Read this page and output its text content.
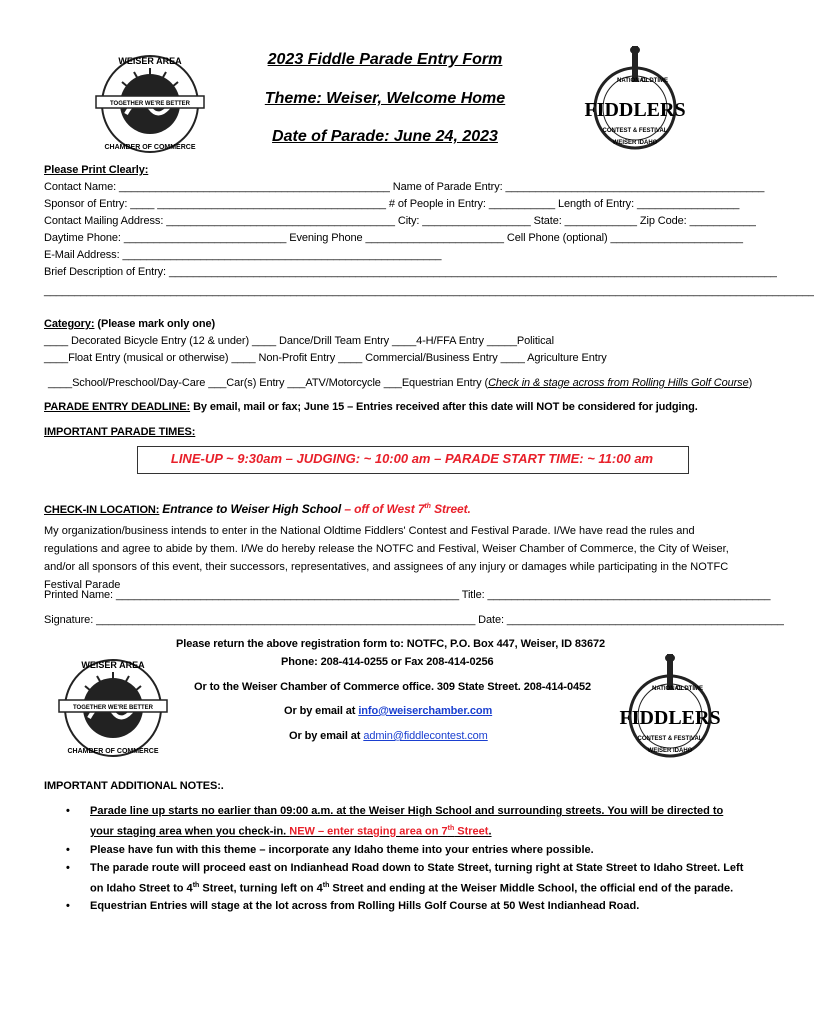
TOGETHER WE'RE BETTER
WEISER AREA
CHAMBER OF COMMERCE
FIDDLERS
NATIONAL
OLDTIME
CONTEST & FESTIVAL
WEISER IDAHO
2023 Fiddle Parade Entry Form
Theme: Weiser, Welcome Home
Date of Parade: June 24, 2023
Please Print Clearly:
Contact Name: _____________________________________________ Name of Parade Entry: ___________________________________________
Sponsor of Entry: ____ ______________________________________ # of People in Entry: ___________ Length of Entry: _________________
Contact Mailing Address: ______________________________________ City: __________________ State: ____________ Zip Code: ___________
Daytime Phone: ___________________________ Evening Phone _______________________ Cell Phone (optional) ______________________
E-Mail Address: _____________________________________________________
Brief Description of Entry: _____________________________________________________________________________________________________
________________________________________________________________________________________________________________________________
Category: (Please mark only one)
____ Decorated Bicycle Entry (12 & under) ____ Dance/Drill Team Entry ____4-H/FFA Entry _____Political
____Float Entry (musical or otherwise) ____ Non-Profit Entry ____ Commercial/Business Entry ____ Agriculture Entry
____School/Preschool/Day-Care ___Car(s) Entry ___ATV/Motorcycle ___Equestrian Entry (Check in & stage across from Rolling Hills Golf Course)
PARADE ENTRY DEADLINE: By email, mail or fax; June 15 – Entries received after this date will NOT be considered for judging.
IMPORTANT PARADE TIMES:
LINE-UP ~ 9:30am – JUDGING: ~ 10:00 am – PARADE START TIME: ~ 11:00 am
CHECK-IN LOCATION: Entrance to Weiser High School – off of West 7th Street.
My organization/business intends to enter in the National Oldtime Fiddlers' Contest and Festival Parade. I/We have read the rules and regulations and agree to abide by them. I/We do hereby release the NOTFC and Festival, Weiser Chamber of Commerce, the City of Weiser, and/or all sponsors of this event, their successors, representatives, and assignees of any injury or damages while participating in the NOTFC Festival Parade
Printed Name: _________________________________________________________ Title: _______________________________________________
Signature: _______________________________________________________________ Date: ______________________________________________
Please return the above registration form to: NOTFC, P.O. Box 447, Weiser, ID 83672
Phone: 208-414-0255 or Fax 208-414-0256
Or to the Weiser Chamber of Commerce office. 309 State Street. 208-414-0452
Or by email at info@weiserchamber.com
Or by email at admin@fiddlecontest.com
TOGETHER WE'RE BETTER
WEISER AREA
CHAMBER OF COMMERCE
FIDDLERS
NATIONAL
OLDTIME
CONTEST & FESTIVAL
WEISER IDAHO
IMPORTANT ADDITIONAL NOTES:.
• Parade line up starts no earlier than 09:00 a.m. at the Weiser High School and surrounding streets. You will be directed to your staging area when you check-in. NEW – enter staging area on 7th Street.
• Please have fun with this theme – incorporate any Idaho theme into your entries where possible.
• The parade route will proceed east on Indianhead Road down to State Street, turning right at State Street to Idaho Street. Left on Idaho Street to 4th Street, turning left on 4th Street and ending at the Weiser Middle School, the official end of the parade.
• Equestrian Entries will stage at the lot across from Rolling Hills Golf Course at 50 West Indianhead Road.
